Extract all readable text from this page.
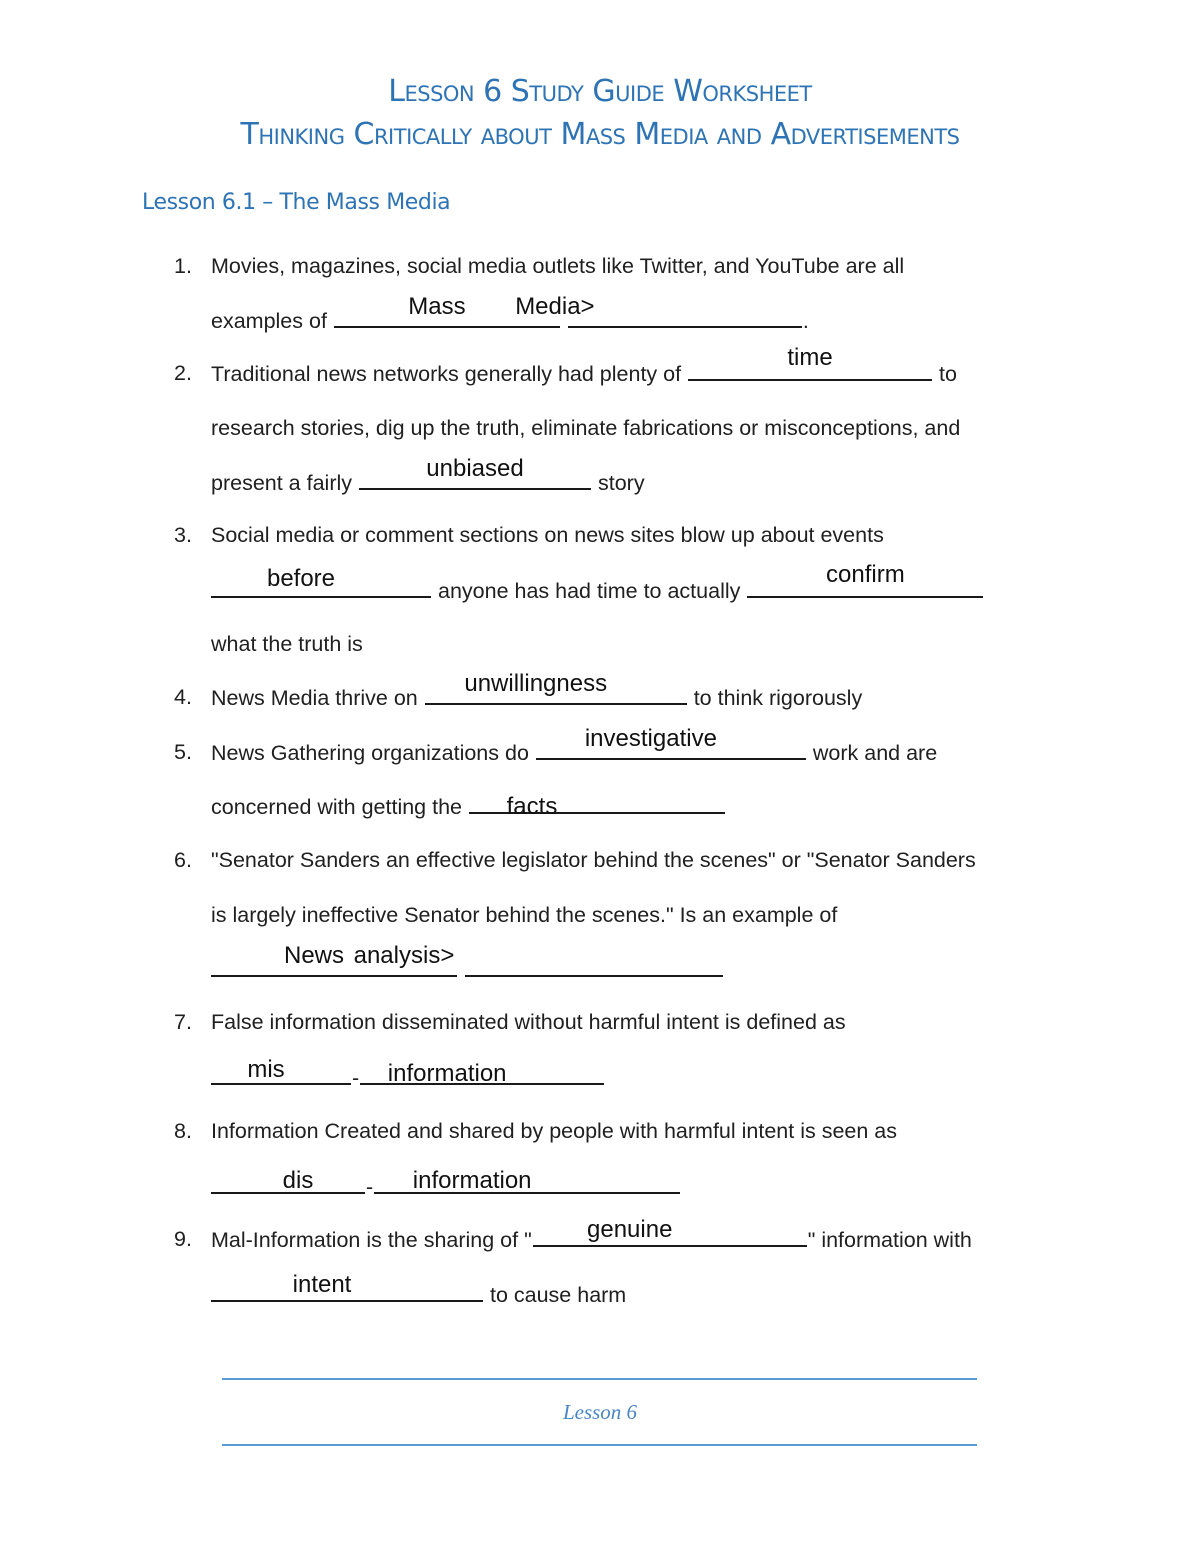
Lesson 6 Study Guide Worksheet
Thinking Critically about Mass Media and Advertisements
Lesson 6.1 – The Mass Media
1. Movies, magazines, social media outlets like Twitter, and YouTube are all
examples of
Mass
	Media>
.
2. Traditional news networks generally had plenty of
time
to
research stories, dig up the truth, eliminate fabrications or misconceptions, and
present a fairly
unbiased
story
3. Social media or comment sections on news sites blow up about events
before	anyone has had time to actually
confirm
what the truth is
4. News Media thrive on
unwillingness
to think rigorously
5. News Gathering organizations do
investigative
work and are
concerned with getting the	facts
6. "Senator Sanders an effective legislator behind the scenes" or "Senator Sanders
is largely ineffective Senator behind the scenes." Is an example of
News
analysis>
7. False information disseminated without harmful intent is defined as
mis	-	information
8. Information Created and shared by people with harmful intent is seen as
dis	-	information
9. Mal-Information is the sharing of "	genuine	" information with
intent	to cause harm
Lesson 6
